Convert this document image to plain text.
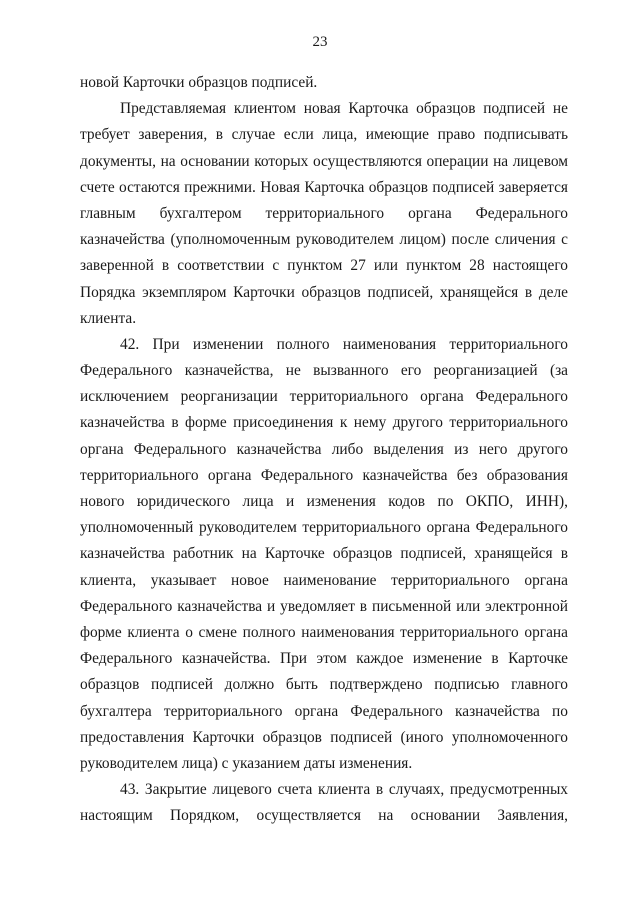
23
новой Карточки образцов подписей.
Представляемая клиентом новая Карточка образцов подписей не
требует заверения, в случае если лица, имеющие право подписывать
документы, на основании которых осуществляются операции на лицевом
счете остаются прежними. Новая Карточка образцов подписей заверяется
главным бухгалтером территориального органа Федерального
казначейства (уполномоченным руководителем лицом) после сличения с
заверенной в соответствии с пунктом 27 или пунктом 28 настоящего
Порядка экземпляром Карточки образцов подписей, хранящейся в деле
клиента.
42. При изменении полного наименования территориального
Федерального казначейства, не вызванного его реорганизацией (за
исключением реорганизации территориального органа Федерального
казначейства в форме присоединения к нему другого территориального
органа Федерального казначейства либо выделения из него другого
территориального органа Федерального казначейства без образования
нового юридического лица и изменения кодов по ОКПО, ИНН),
уполномоченный руководителем территориального органа Федерального
казначейства работник на Карточке образцов подписей, хранящейся в
клиента, указывает новое наименование территориального органа
Федерального казначейства и уведомляет в письменной или электронной
форме клиента о смене полного наименования территориального органа
Федерального казначейства. При этом каждое изменение в Карточке
образцов подписей должно быть подтверждено подписью главного
бухгалтера территориального органа Федерального казначейства по
предоставления Карточки образцов подписей (иного уполномоченного
руководителем лица) с указанием даты изменения.
43. Закрытие лицевого счета клиента в случаях, предусмотренных
настоящим Порядком, осуществляется на основании Заявления,
